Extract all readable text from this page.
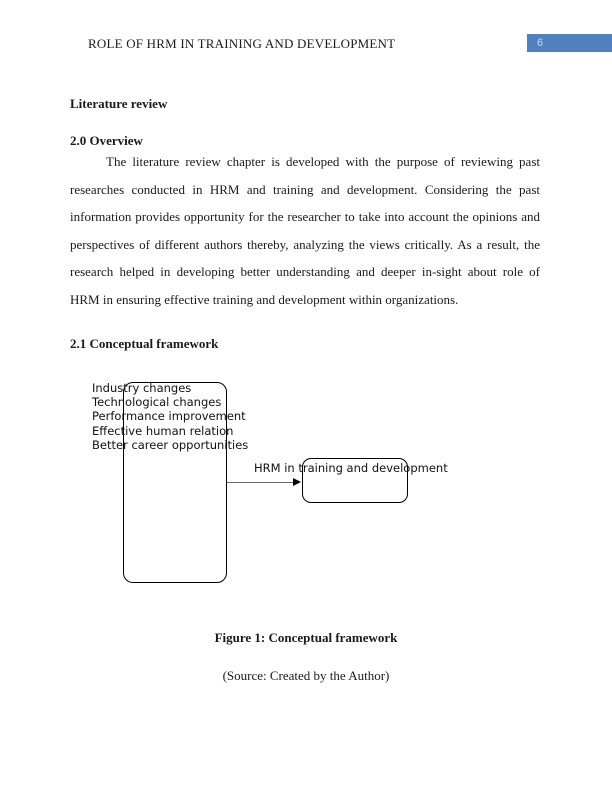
ROLE OF HRM IN TRAINING AND DEVELOPMENT	6
Literature review
2.0 Overview
The literature review chapter is developed with the purpose of reviewing past researches conducted in HRM and training and development. Considering the past information provides opportunity for the researcher to take into account the opinions and perspectives of different authors thereby, analyzing the views critically. As a result, the research helped in developing better understanding and deeper in-sight about role of HRM in ensuring effective training and development within organizations.
2.1 Conceptual framework
Industry changes
Technological changes
Performance improvement
Effective human relation
Better career opportunities
HRM in training and development
Figure 1: Conceptual framework
(Source: Created by the Author)
